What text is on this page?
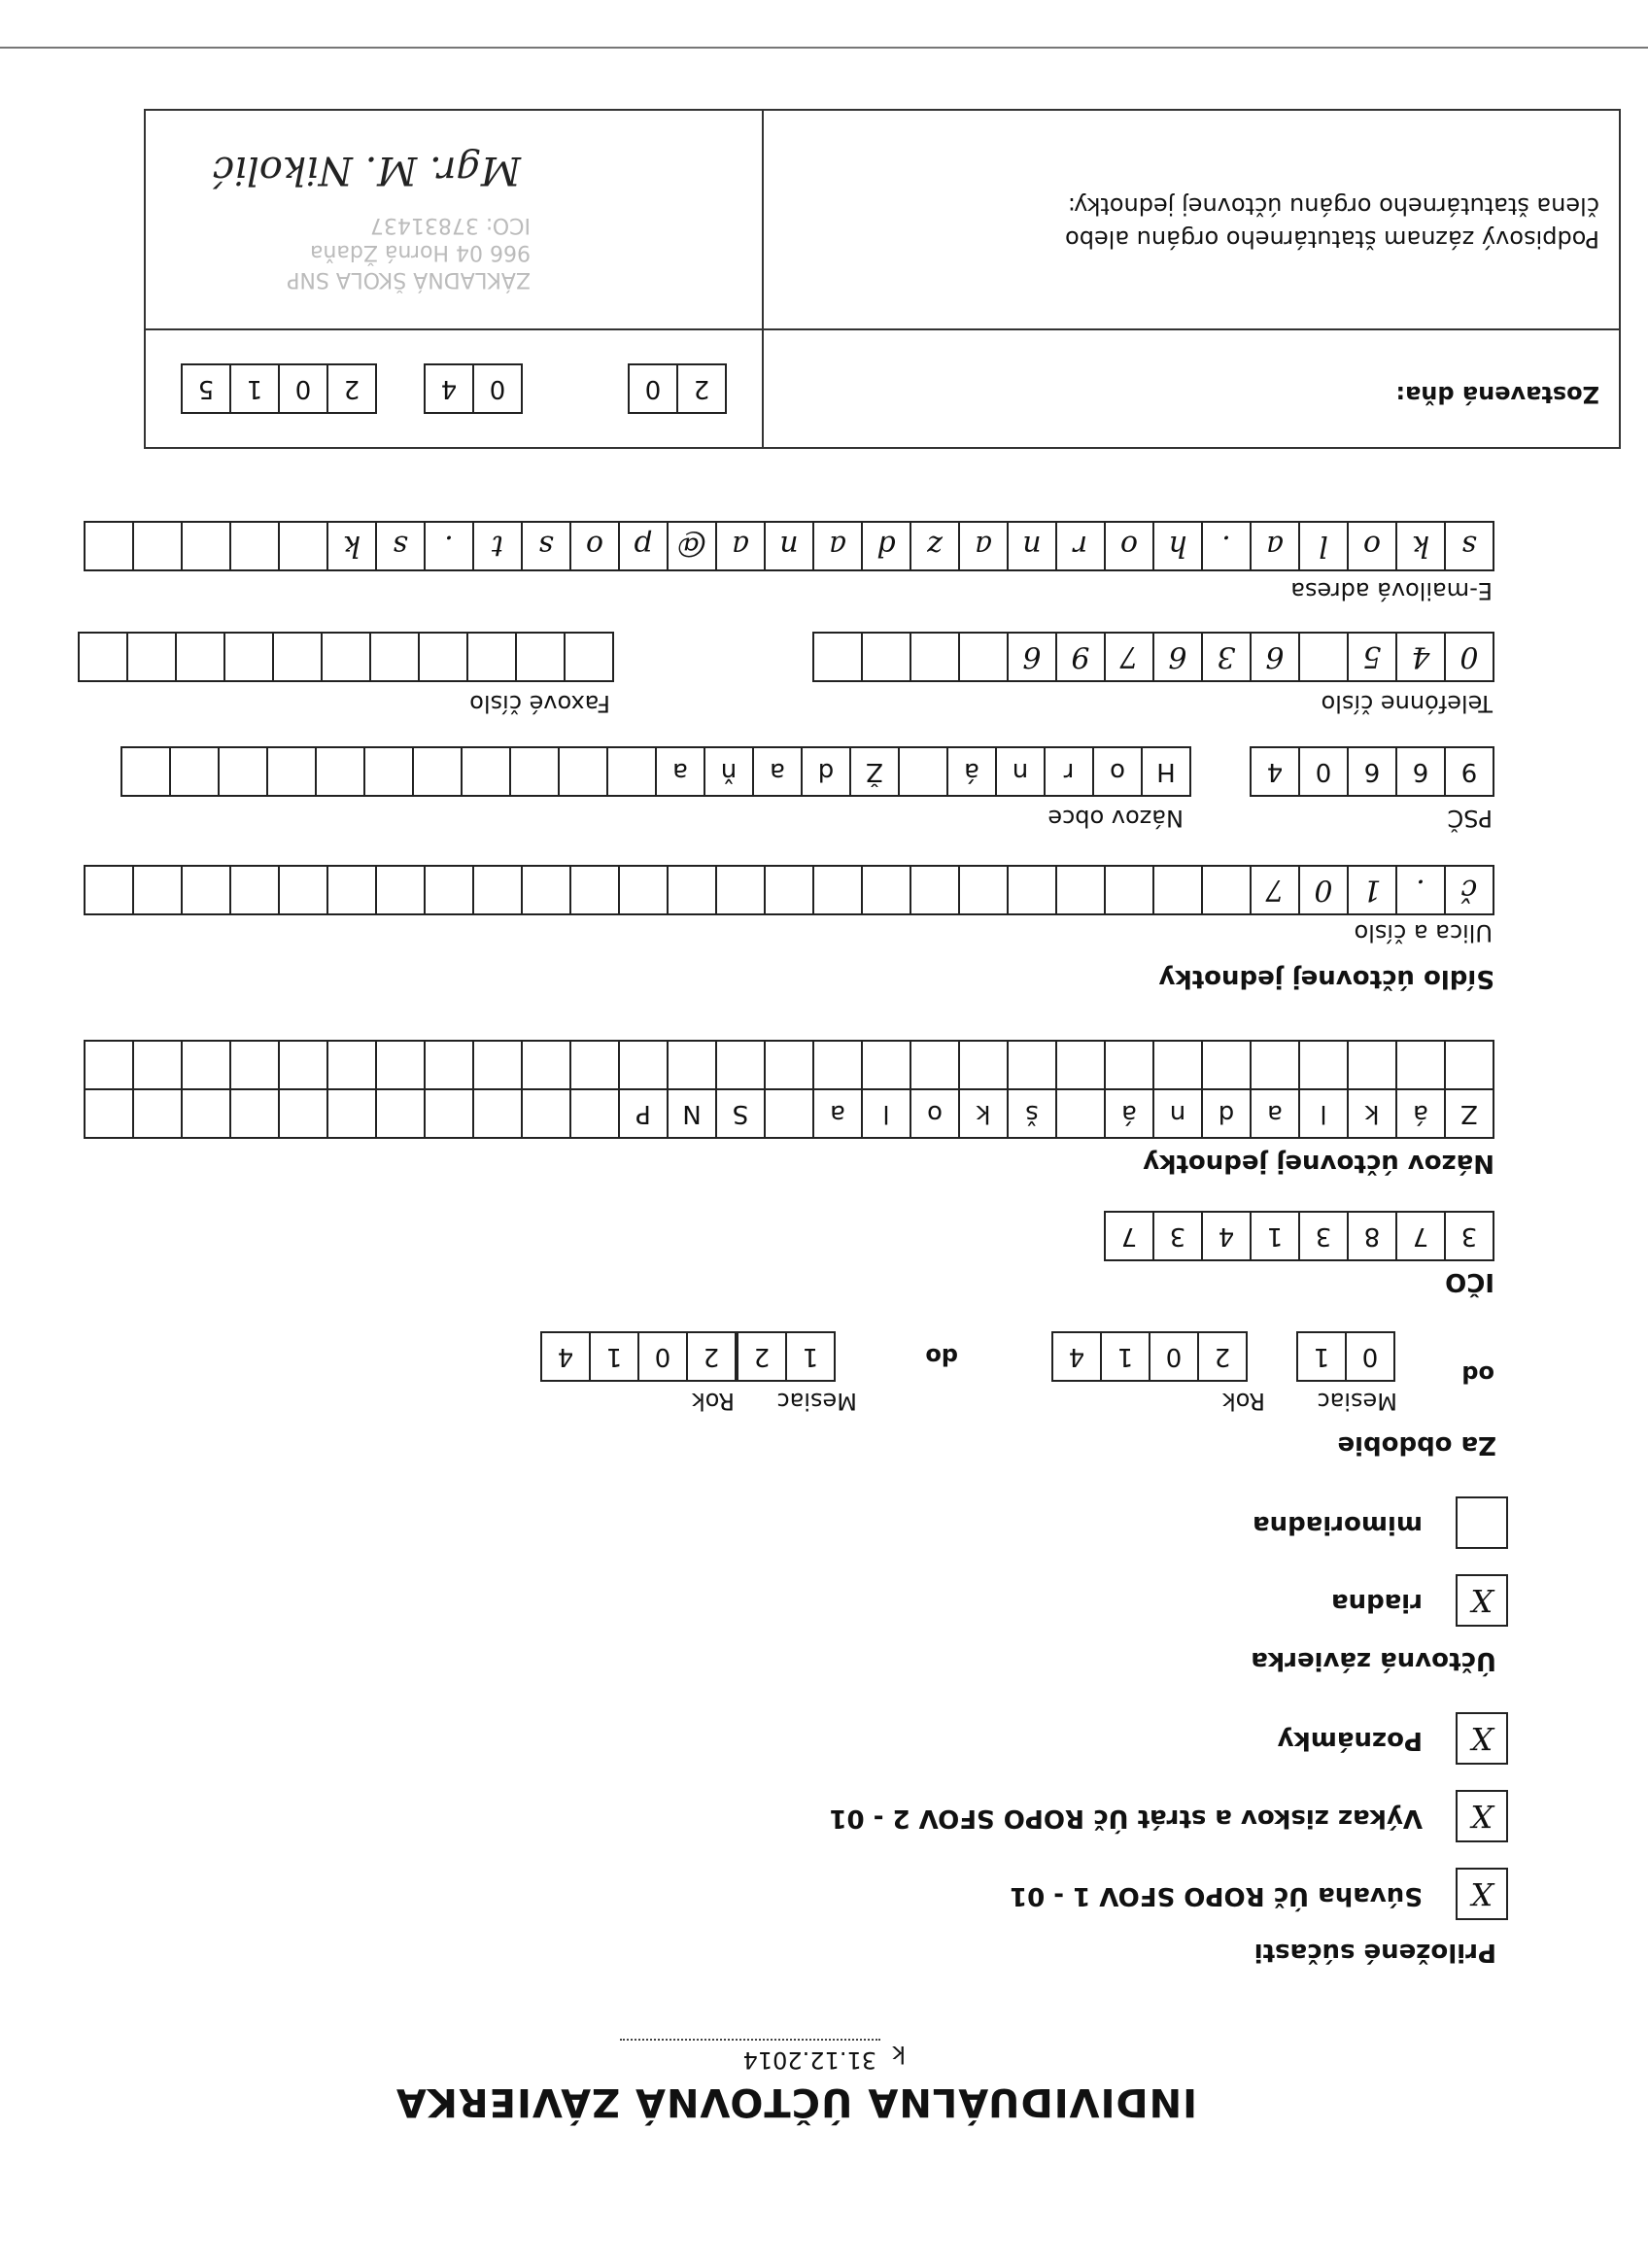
INDIVIDUÁLNA ÚČTOVNÁ ZÁVIERKA
k
31.12.2014
Priložené súčasti
X
Súvaha Úč ROPO SFOV 1 - 01
X
Výkaz ziskov a strát Úč ROPO SFOV 2 - 01
X
Poznámky
Účtovná závierka
X
riadna
mimoriadna
Za obdobie
Mesiac
Rok
Mesiac
Rok
od
0
1
2
0
1
4
do
1
2
2
0
1
4
IČO
3
7
8
3
1
4
3
7
Názov účtovnej jednotky
Z
á
k
l
a
d
n
á
š
k
o
l
a
S
N
P
Sídlo účtovnej jednotky
Ulica a číslo
č
.
1
0
7
PSČ
Názov obce
9
6
6
0
4
H
o
r
n
á
Ž
d
a
ň
a
Telefónne číslo
Faxové číslo
0
4
5
6
3
6
7
9
6
E-mailová adresa
s
k
o
l
a
.
h
o
r
n
a
z
d
a
n
a
@
p
o
s
t
.
s
k
Zostavená dňa:
2
0
0
4
2
0
1
5
Podpisový záznam štatutárneho orgánu alebo
člena štatutárneho orgánu účtovnej jednotky:
ZÁKLADNÁ ŠKOLA SNP
966 04 Horná Ždaňa
ICO: 37831437
Mgr. M. Nikolić
